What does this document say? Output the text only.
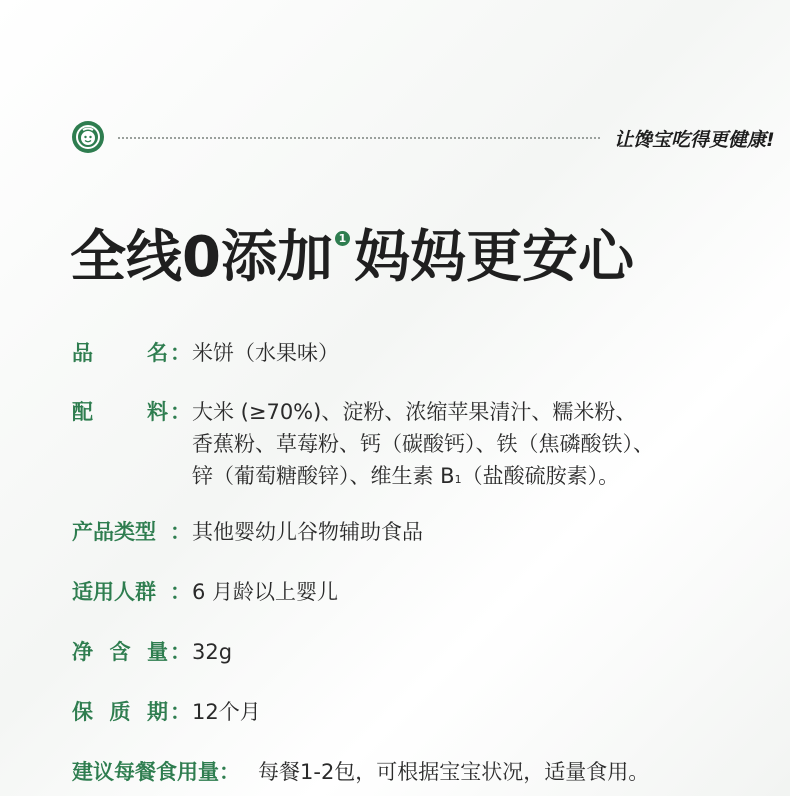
让馋宝吃得更健康!
全线0添加 1 妈妈更安心
品	名 ： 米饼（水果味）
配	料 ： 大米 (≥70%)、淀粉、浓缩苹果清汁、糯米粉、
香蕉粉、草莓粉、钙（碳酸钙）、铁（焦磷酸铁）、
锌（葡萄糖酸锌）、维生素 B1（盐酸硫胺素）。
产品类型 ： 其他婴幼儿谷物辅助食品
适用人群 ： 6 月龄以上婴儿
净 含 量 ： 32g
保 质 期 ： 12个月
建议每餐食用量： 每餐1-2包，可根据宝宝状况，适量食用。
